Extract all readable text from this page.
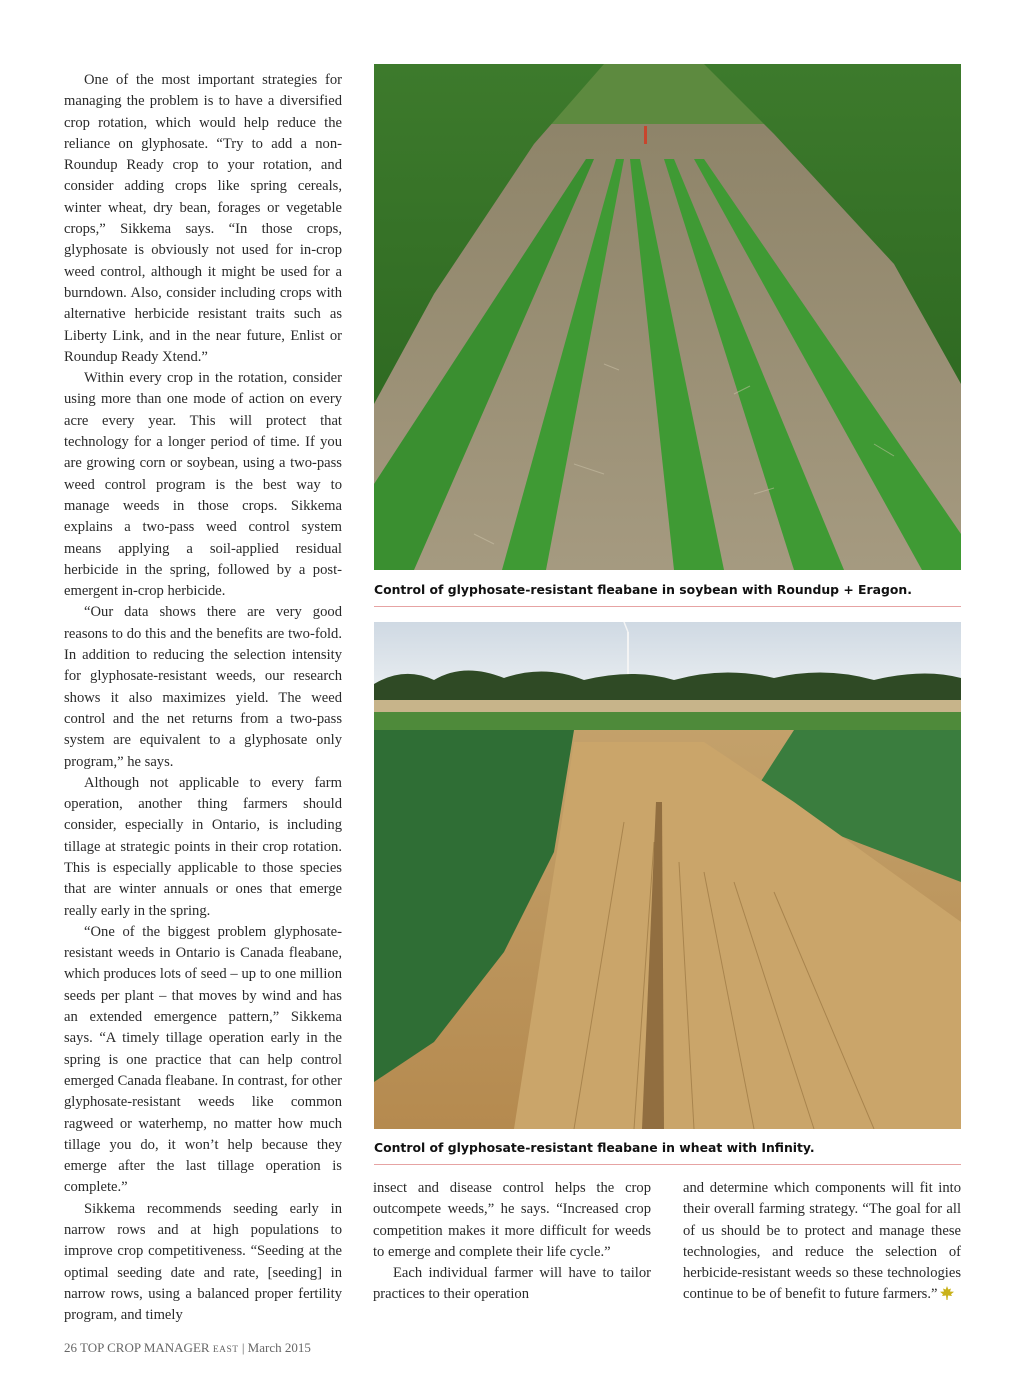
One of the most important strategies for managing the problem is to have a diversified crop rotation, which would help reduce the reliance on glyphosate. “Try to add a non-Roundup Ready crop to your rotation, and consider adding crops like spring cereals, winter wheat, dry bean, forages or vegetable crops,” Sikkema says. “In those crops, glyphosate is obviously not used for in-crop weed control, although it might be used for a burndown. Also, consider including crops with alternative herbicide resistant traits such as Liberty Link, and in the near future, Enlist or Roundup Ready Xtend.”

Within every crop in the rotation, consider using more than one mode of action on every acre every year. This will protect that technology for a longer period of time. If you are growing corn or soybean, using a two-pass weed control program is the best way to manage weeds in those crops. Sikkema explains a two-pass weed control system means applying a soil-applied residual herbicide in the spring, followed by a post-emergent in-crop herbicide.

“Our data shows there are very good reasons to do this and the benefits are two-fold. In addition to reducing the selection intensity for glyphosate-resistant weeds, our research shows it also maximizes yield. The weed control and the net returns from a two-pass system are equivalent to a glyphosate only program,” he says.

Although not applicable to every farm operation, another thing farmers should consider, especially in Ontario, is including tillage at strategic points in their crop rotation. This is especially applicable to those species that are winter annuals or ones that emerge really early in the spring.

“One of the biggest problem glyphosate-resistant weeds in Ontario is Canada fleabane, which produces lots of seed – up to one million seeds per plant – that moves by wind and has an extended emergence pattern,” Sikkema says. “A timely tillage operation early in the spring is one practice that can help control emerged Canada fleabane. In contrast, for other glyphosate-resistant weeds like common ragweed or waterhemp, no matter how much tillage you do, it won’t help because they emerge after the last tillage operation is complete.”

Sikkema recommends seeding early in narrow rows and at high populations to improve crop competitiveness. “Seeding at the optimal seeding date and rate, [seeding] in narrow rows, using a balanced proper fertility program, and timely

Control of glyphosate-resistant fleabane in soybean with Roundup + Eragon.
Control of glyphosate-resistant fleabane in wheat with Infinity.

insect and disease control helps the crop outcompete weeds,” he says. “Increased crop competition makes it more difficult for weeds to emerge and complete their life cycle.”

Each individual farmer will have to tailor practices to their operation

and determine which components will fit into their overall farming strategy. “The goal for all of us should be to protect and manage these technologies, and reduce the selection of herbicide-resistant weeds so these technologies continue to be of benefit to future farmers.”

26 TOP CROP MANAGER EAST | March 2015
